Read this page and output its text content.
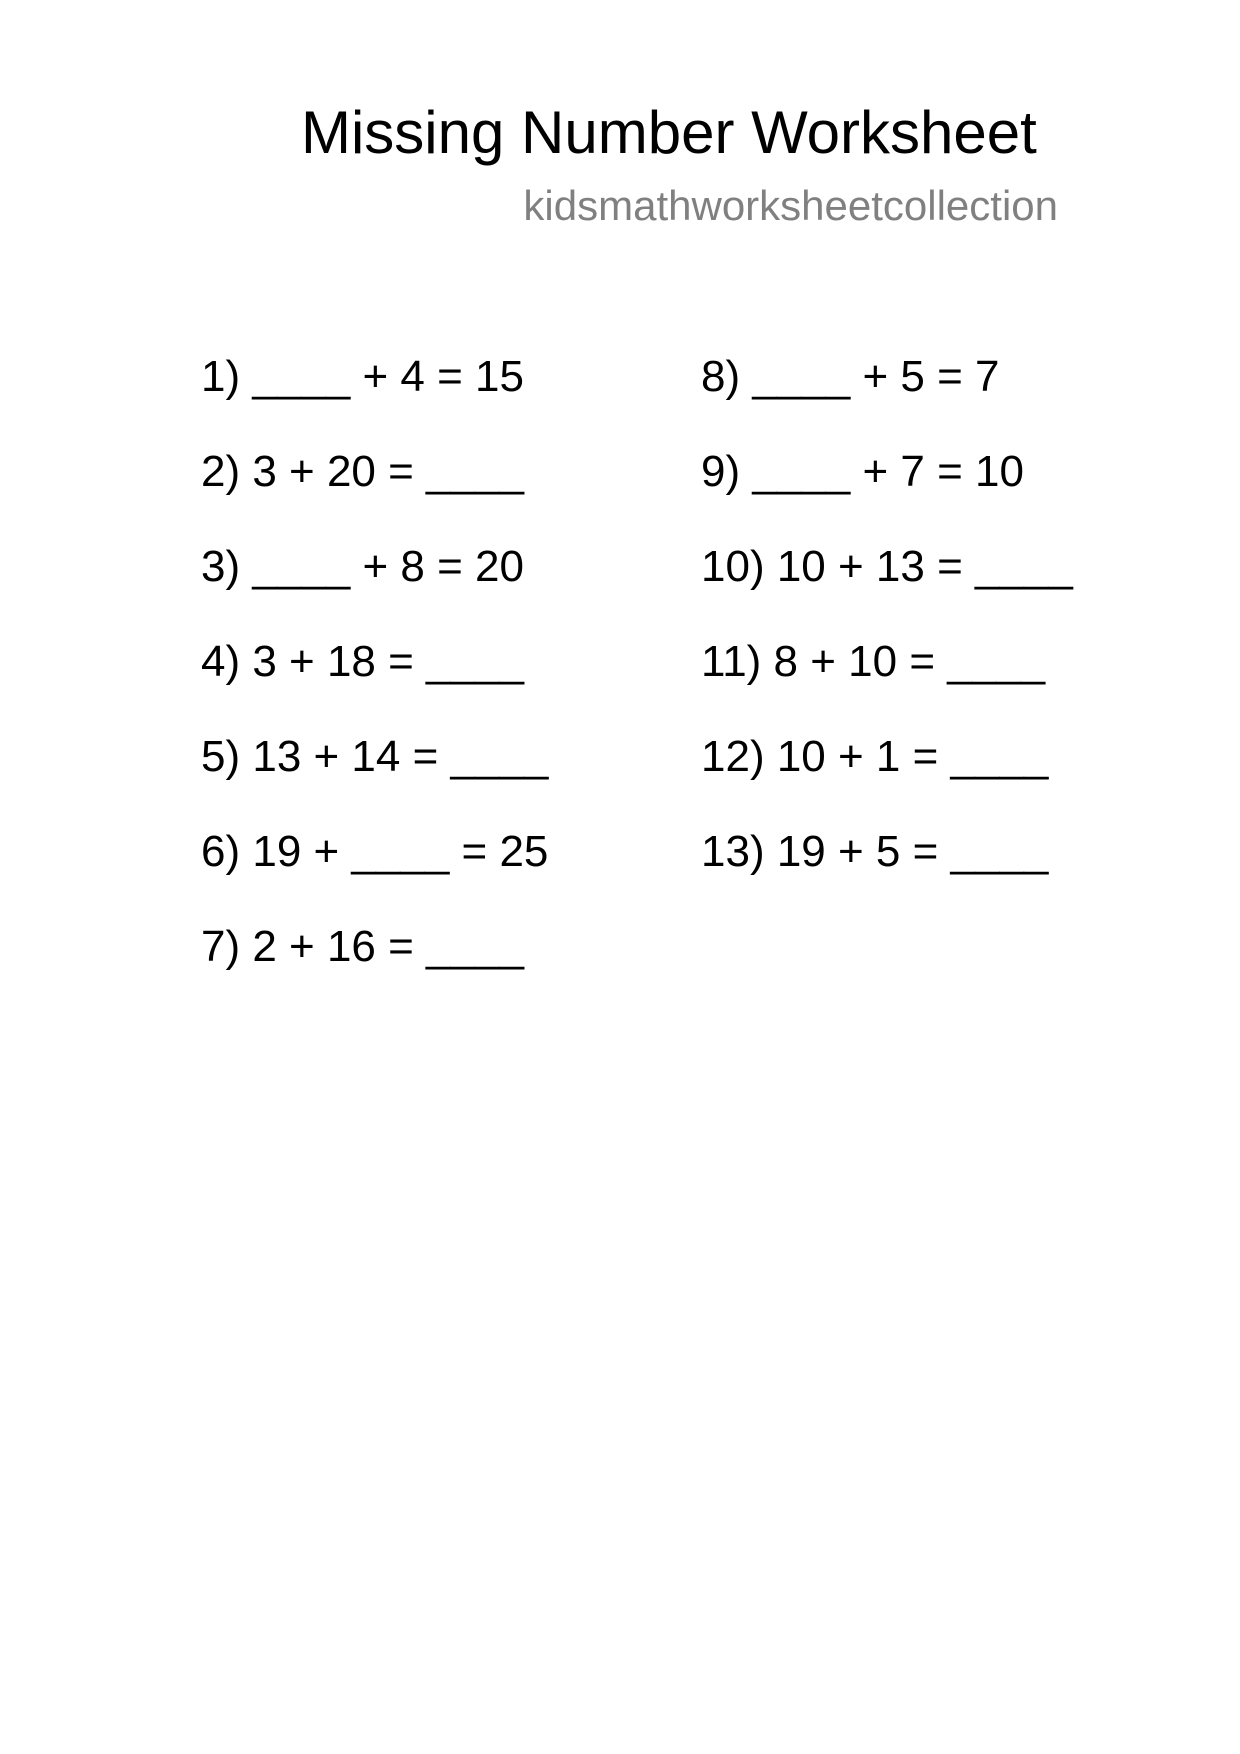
Missing Number Worksheet
kidsmathworksheetcollection
1) ____ + 4 = 15
2) 3 + 20 = ____
3) ____ + 8 = 20
4) 3 + 18 = ____
5) 13 + 14 = ____
6) 19 + ____ = 25
7) 2 + 16 = ____
8) ____ + 5 = 7
9) ____ + 7 = 10
10) 10 + 13 = ____
11) 8 + 10 = ____
12) 10 + 1 = ____
13) 19 + 5 = ____
